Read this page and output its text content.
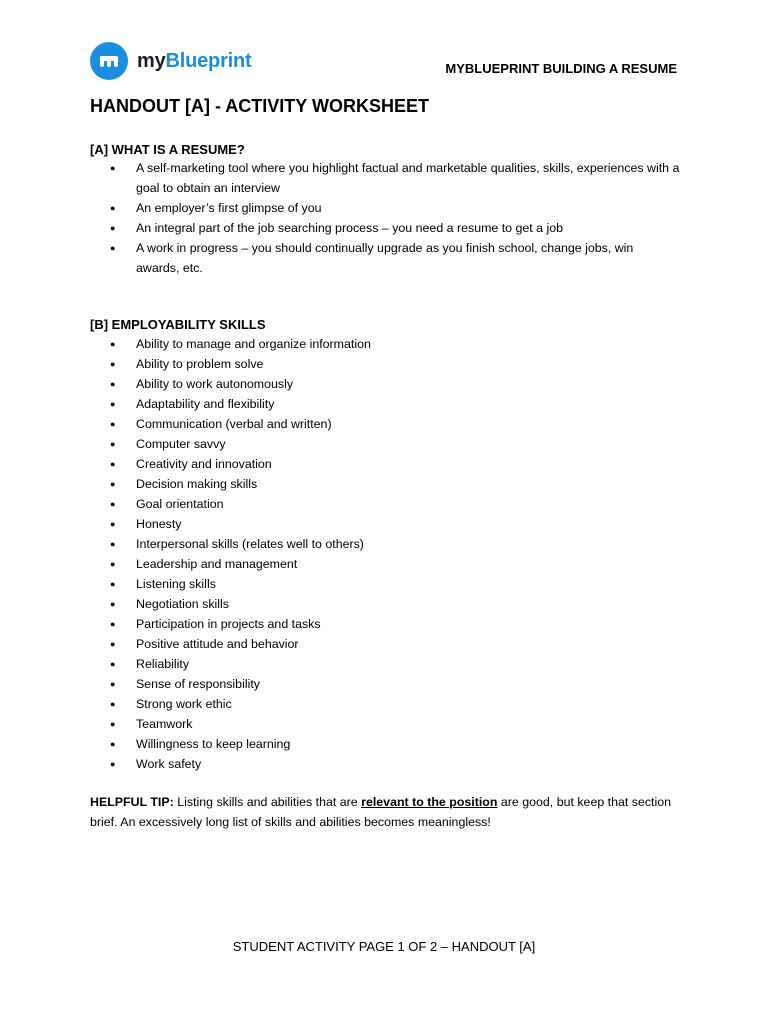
myBlueprint	MYBLUEPRINT BUILDING A RESUME
HANDOUT [A] - ACTIVITY WORKSHEET
[A] WHAT IS A RESUME?
● A self-marketing tool where you highlight factual and marketable qualities, skills, experiences with a goal to obtain an interview
● An employer’s first glimpse of you
● An integral part of the job searching process – you need a resume to get a job
● A work in progress – you should continually upgrade as you finish school, change jobs, win awards, etc.
[B] EMPLOYABILITY SKILLS
● Ability to manage and organize information
● Ability to problem solve
● Ability to work autonomously
● Adaptability and flexibility
● Communication (verbal and written)
● Computer savvy
● Creativity and innovation
● Decision making skills
● Goal orientation
● Honesty
● Interpersonal skills (relates well to others)
● Leadership and management
● Listening skills
● Negotiation skills
● Participation in projects and tasks
● Positive attitude and behavior
● Reliability
● Sense of responsibility
● Strong work ethic
● Teamwork
● Willingness to keep learning
● Work safety

HELPFUL TIP: Listing skills and abilities that are relevant to the position are good, but keep that section brief. An excessively long list of skills and abilities becomes meaningless!

STUDENT ACTIVITY PAGE 1 OF 2 – HANDOUT [A]
